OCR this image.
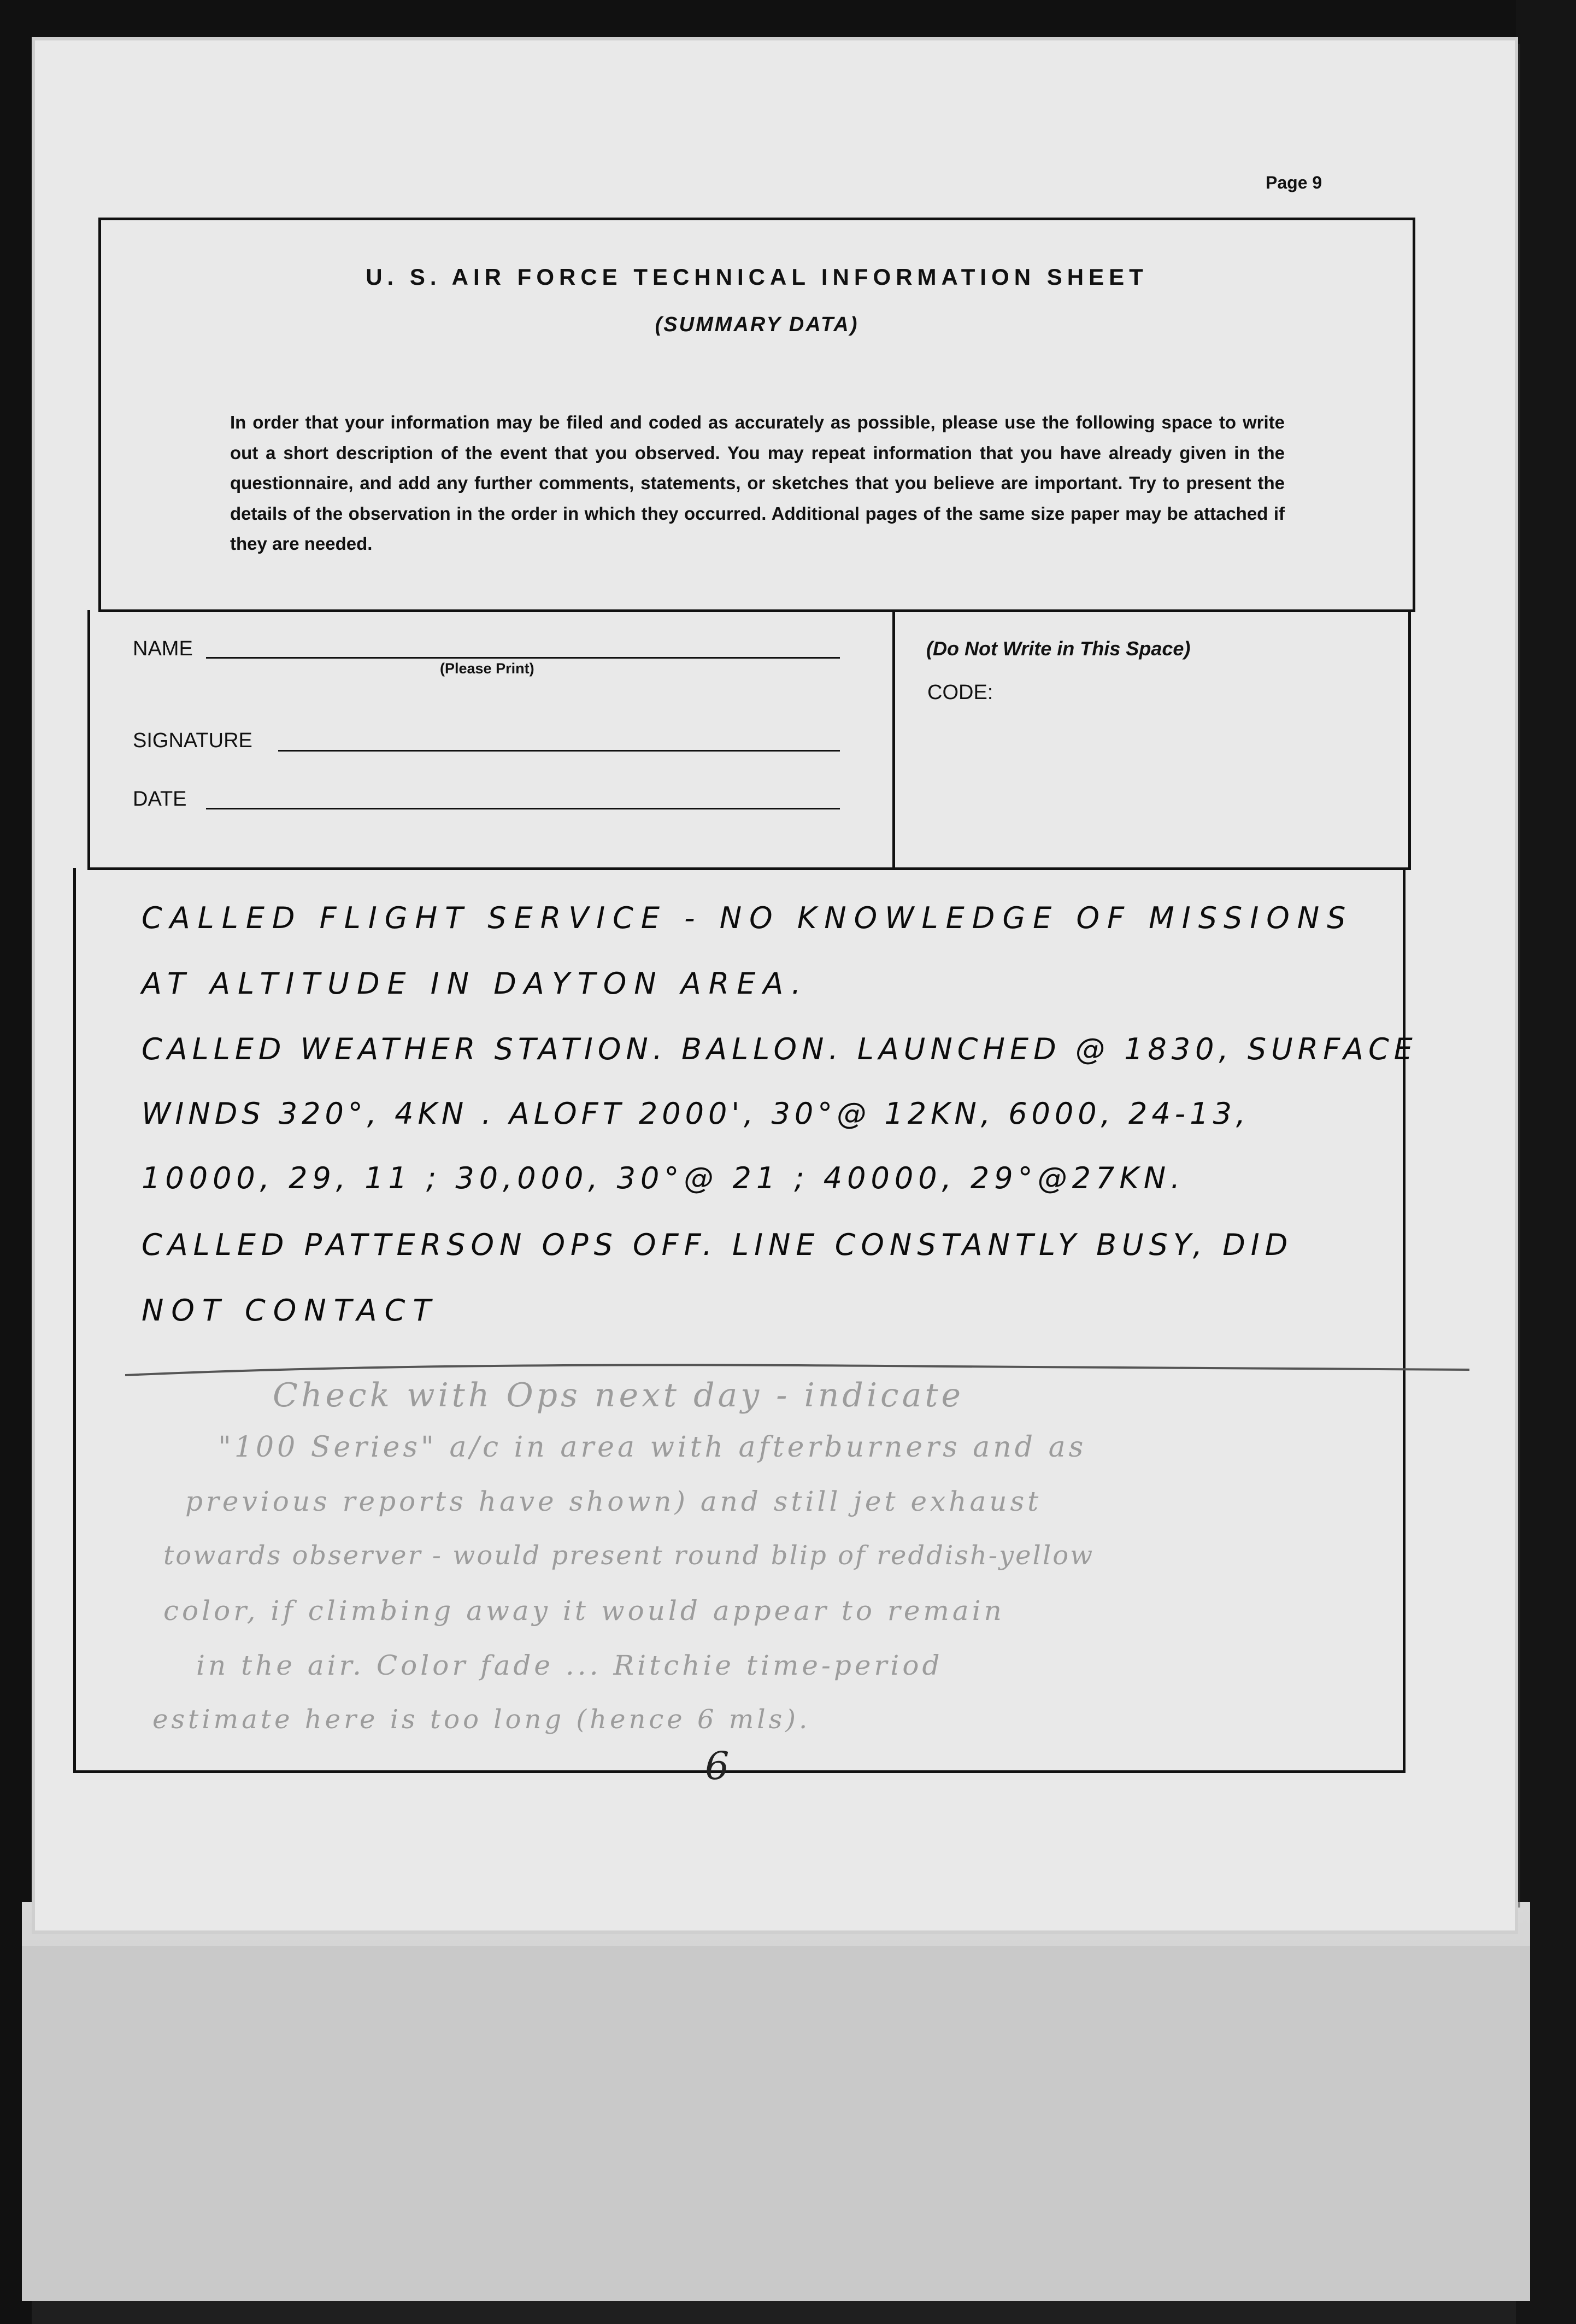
Page 9
U. S. AIR FORCE TECHNICAL INFORMATION SHEET
(SUMMARY DATA)

In order that your information may be filed and coded as accurately as possible, please use the following space to write out a short description of the event that you observed. You may repeat information that you have already given in the questionnaire, and add any further comments, statements, or sketches that you believe are important. Try to present the details of the observation in the order in which they occurred. Additional pages of the same size paper may be attached if they are needed.

NAME
(Please Print)
SIGNATURE
DATE
(Do Not Write in This Space)
CODE:
CALLED FLIGHT SERVICE - NO KNOWLEDGE OF MISSIONS
AT ALTITUDE IN DAYTON AREA.
CALLED WEATHER STATION. BALLON. LAUNCHED @ 1830, SURFACE
WINDS 320°, 4KN . ALOFT 2000', 30°@ 12KN, 6000, 24-13,
10000, 29, 11 ; 30,000, 30°@ 21 ; 40000, 29°@27KN.
CALLED PATTERSON OPS OFF. LINE CONSTANTLY BUSY, DID
NOT CONTACT
Check with Ops next day - indicate
"100 Series" a/c in area with afterburners and as
previous reports have shown) and still jet exhaust
towards observer - would present round blip of reddish-yellow
color, if climbing away it would appear to remain
in the air. Color fade ... Ritchie time-period
estimate here is too long (hence 6 mls).
6
